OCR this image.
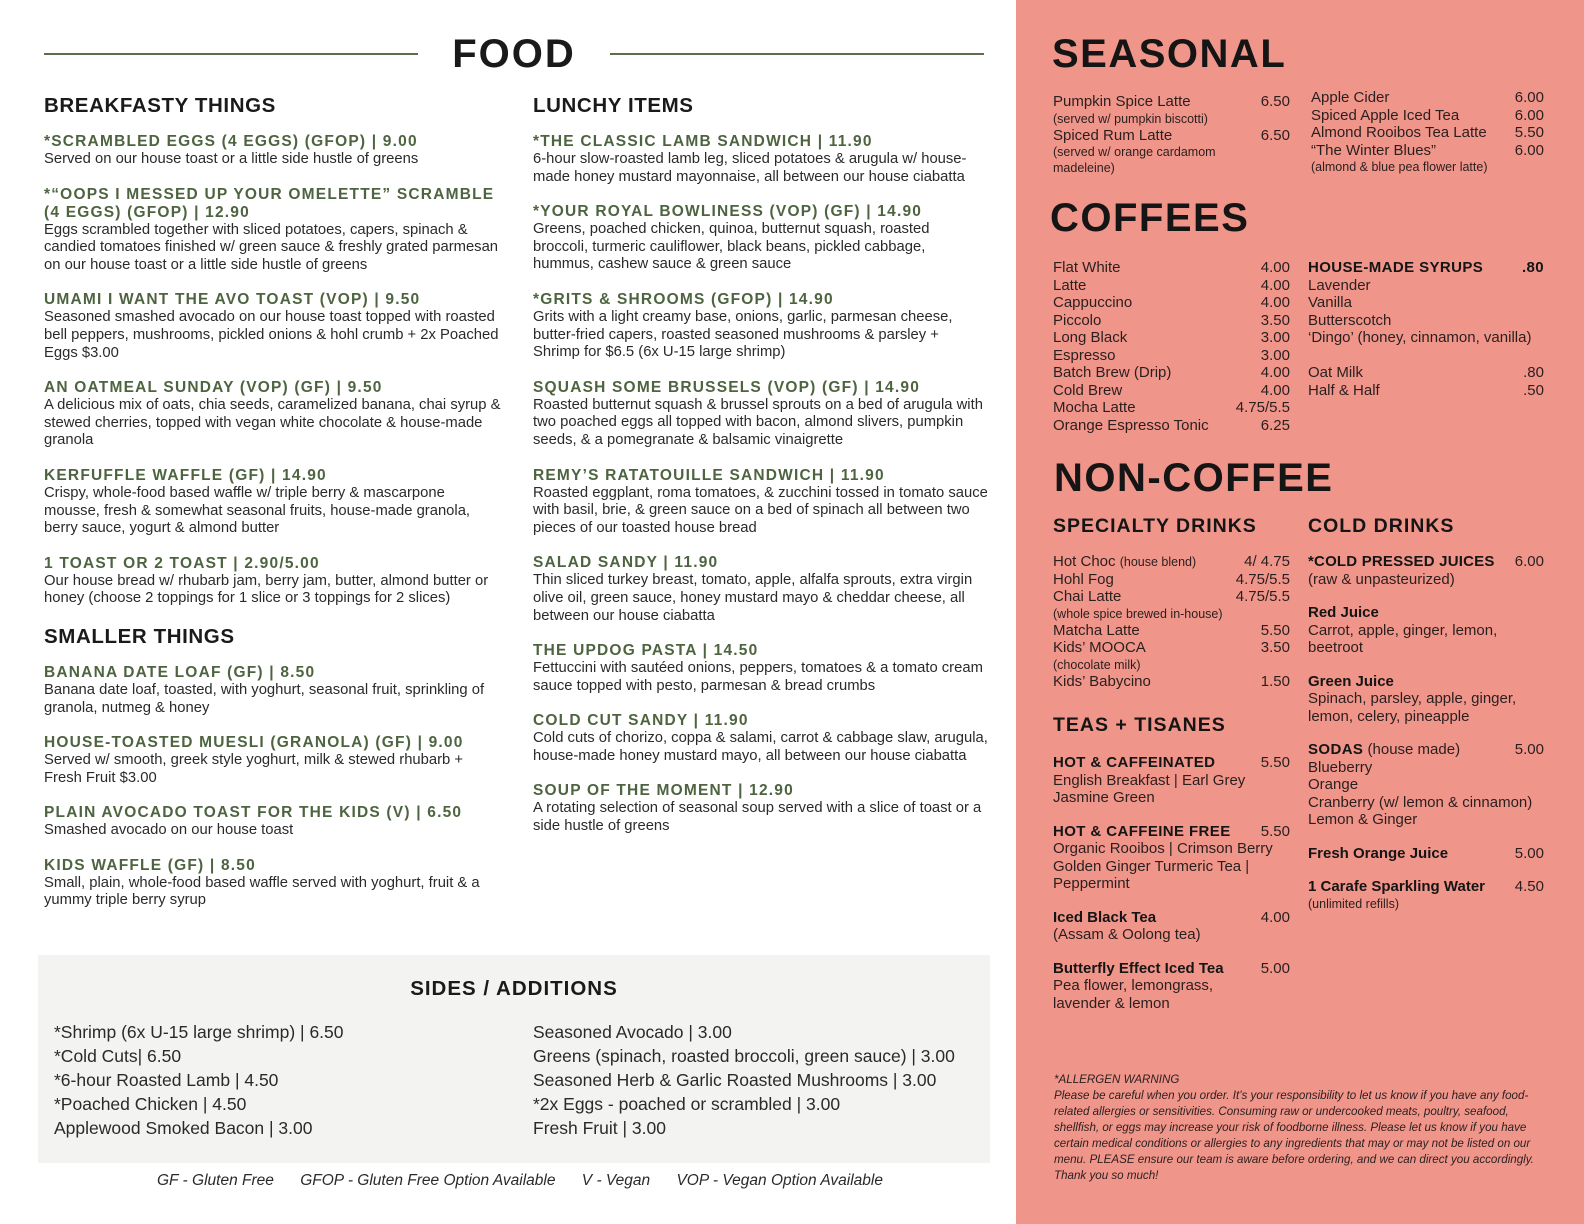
FOOD
BREAKFASTY THINGS
*SCRAMBLED EGGS (4 EGGS) (GFOP) | 9.00
Served on our house toast or a little side hustle of greens
*“OOPS I MESSED UP YOUR OMELETTE” SCRAMBLE (4 EGGS) (GFOP) | 12.90
Eggs scrambled together with sliced potatoes, capers, spinach & candied tomatoes finished w/ green sauce & freshly grated parmesan on our house toast or a little side hustle of greens
UMAMI I WANT THE AVO TOAST (VOP) | 9.50
Seasoned smashed avocado on our house toast topped with roasted bell peppers, mushrooms, pickled onions & hohl crumb + 2x Poached Eggs $3.00
AN OATMEAL SUNDAY (VOP) (GF) | 9.50
A delicious mix of oats, chia seeds, caramelized banana, chai syrup & stewed cherries, topped with vegan white chocolate & house-made granola
KERFUFFLE WAFFLE (GF) | 14.90
Crispy, whole-food based waffle w/ triple berry & mascarpone mousse, fresh & somewhat seasonal fruits, house-made granola, berry sauce, yogurt & almond butter
1 TOAST OR 2 TOAST | 2.90/5.00
Our house bread w/ rhubarb jam, berry jam, butter, almond butter or honey (choose 2 toppings for 1 slice or 3 toppings for 2 slices)
SMALLER THINGS
BANANA DATE LOAF (GF) | 8.50
Banana date loaf, toasted, with yoghurt, seasonal fruit, sprinkling of granola, nutmeg & honey
HOUSE-TOASTED MUESLI (GRANOLA) (GF) | 9.00
Served w/ smooth, greek style yoghurt, milk & stewed rhubarb + Fresh Fruit $3.00
PLAIN AVOCADO TOAST FOR THE KIDS (V) | 6.50
Smashed avocado on our house toast
KIDS WAFFLE (GF) | 8.50
Small, plain, whole-food based waffle served with yoghurt, fruit & a yummy triple berry syrup
LUNCHY ITEMS
*THE CLASSIC LAMB SANDWICH | 11.90
6-hour slow-roasted lamb leg, sliced potatoes & arugula w/ house-made honey mustard mayonnaise, all between our house ciabatta
*YOUR ROYAL BOWLINESS (VOP) (GF) | 14.90
Greens, poached chicken, quinoa, butternut squash, roasted broccoli, turmeric cauliflower, black beans, pickled cabbage, hummus, cashew sauce & green sauce
*GRITS & SHROOMS (GFOP) | 14.90
Grits with a light creamy base, onions, garlic, parmesan cheese, butter-fried capers, roasted seasoned mushrooms & parsley + Shrimp for $6.5 (6x U-15 large shrimp)
SQUASH SOME BRUSSELS (VOP) (GF) | 14.90
Roasted butternut squash & brussel sprouts on a bed of arugula with two poached eggs all topped with bacon, almond slivers, pumpkin seeds, & a pomegranate & balsamic vinaigrette
REMY’S RATATOUILLE SANDWICH | 11.90
Roasted eggplant, roma tomatoes, & zucchini tossed in tomato sauce with basil, brie, & green sauce on a bed of spinach all between two pieces of our toasted house bread
SALAD SANDY | 11.90
Thin sliced turkey breast, tomato, apple, alfalfa sprouts, extra virgin olive oil, green sauce, honey mustard mayo & cheddar cheese, all between our house ciabatta
THE UPDOG PASTA | 14.50
Fettuccini with sautéed onions, peppers, tomatoes & a tomato cream sauce topped with pesto, parmesan & bread crumbs
COLD CUT SANDY | 11.90
Cold cuts of chorizo, coppa & salami, carrot & cabbage slaw, arugula, house-made honey mustard mayo, all between our house ciabatta
SOUP OF THE MOMENT | 12.90
A rotating selection of seasonal soup served with a slice of toast or a side hustle of greens
SIDES / ADDITIONS
*Shrimp (6x U-15 large shrimp) | 6.50
*Cold Cuts| 6.50
*6-hour Roasted Lamb | 4.50
*Poached Chicken | 4.50
Applewood Smoked Bacon | 3.00
Seasoned Avocado | 3.00
Greens (spinach, roasted broccoli, green sauce) | 3.00
Seasoned Herb & Garlic Roasted Mushrooms | 3.00
*2x Eggs - poached or scrambled | 3.00
Fresh Fruit | 3.00
GF - Gluten Free GFOP - Gluten Free Option Available V - Vegan VOP - Vegan Option Available
SEASONAL
Pumpkin Spice Latte	6.50
(served w/ pumpkin biscotti)
Spiced Rum Latte	6.50
(served w/ orange cardamom madeleine)
Apple Cider	6.00
Spiced Apple Iced Tea	6.00
Almond Rooibos Tea Latte 5.50
“The Winter Blues”	6.00
(almond & blue pea flower latte)
COFFEES
Flat White	4.00
Latte	4.00
Cappuccino	4.00
Piccolo	3.50
Long Black	3.00
Espresso	3.00
Batch Brew (Drip)	4.00
Cold Brew	4.00
Mocha Latte	4.75/5.5
Orange Espresso Tonic	6.25
HOUSE-MADE SYRUPS	.80
Lavender
Vanilla
Butterscotch
‘Dingo’ (honey, cinnamon, vanilla)
Oat Milk	.80
Half & Half	.50
NON-COFFEE
SPECIALTY DRINKS
Hot Choc (house blend)	4/ 4.75
Hohl Fog	4.75/5.5
Chai Latte	4.75/5.5
(whole spice brewed in-house)
Matcha Latte	5.50
Kids’ MOOCA	3.50
(chocolate milk)
Kids’ Babycino	1.50
TEAS + TISANES
HOT & CAFFEINATED	5.50
English Breakfast | Earl Grey
Jasmine Green
HOT & CAFFEINE FREE 5.50
Organic Rooibos | Crimson Berry
Golden Ginger Turmeric Tea |
Peppermint
Iced Black Tea	4.00
(Assam & Oolong tea)
Butterfly Effect Iced Tea 5.00
Pea flower, lemongrass,
lavender & lemon
COLD DRINKS
*COLD PRESSED JUICES 6.00
(raw & unpasteurized)
Red Juice
Carrot, apple, ginger, lemon,
beetroot
Green Juice
Spinach, parsley, apple, ginger,
lemon, celery, pineapple
SODAS (house made)	5.00
Blueberry
Orange
Cranberry (w/ lemon & cinnamon)
Lemon & Ginger
Fresh Orange Juice	5.00
1 Carafe Sparkling Water 4.50
(unlimited refills)
*ALLERGEN WARNING
Please be careful when you order. It’s your responsibility to let us know if you have any food-related allergies or sensitivities. Consuming raw or undercooked meats, poultry, seafood, shellfish, or eggs may increase your risk of foodborne illness. Please let us know if you have certain medical conditions or allergies to any ingredients that may or may not be listed on our menu. PLEASE ensure our team is aware before ordering, and we can direct you accordingly. Thank you so much!
